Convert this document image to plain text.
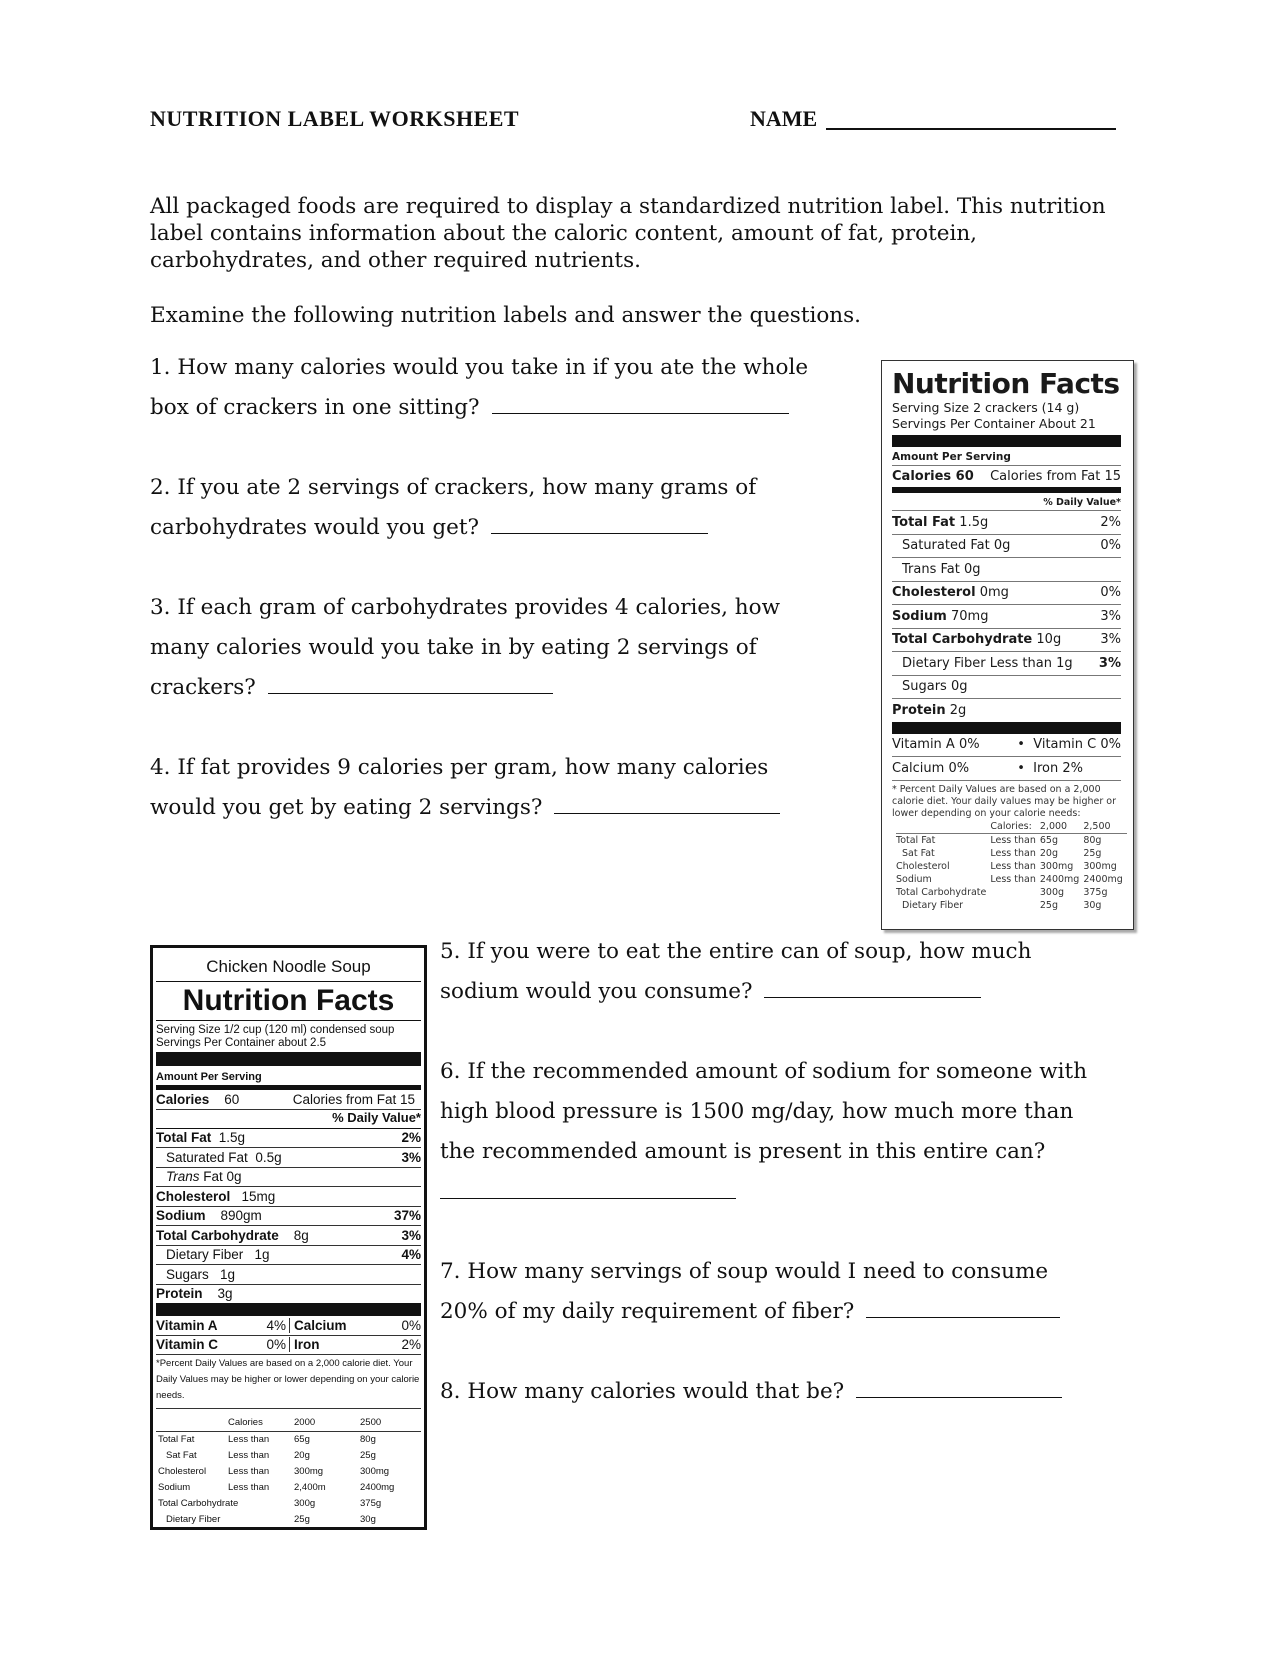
NUTRITION LABEL WORKSHEET	NAME
All packaged foods are required to display a standardized nutrition label. This nutrition label contains information about the caloric content, amount of fat, protein, carbohydrates, and other required nutrients.
Examine the following nutrition labels and answer the questions.
1. How many calories would you take in if you ate the whole
box of crackers in one sitting?
2. If you ate 2 servings of crackers, how many grams of
carbohydrates would you get?
3. If each gram of carbohydrates provides 4 calories, how
many calories would you take in by eating 2 servings of
crackers?
4. If fat provides 9 calories per gram, how many calories
would you get by eating 2 servings?
5. If you were to eat the entire can of soup, how much
sodium would you consume?
6. If the recommended amount of sodium for someone with
high blood pressure is 1500 mg/day, how much more than
the recommended amount is present in this entire can?
7. How many servings of soup would I need to consume
20% of my daily requirement of fiber?
8. How many calories would that be?
Nutrition Facts
Serving Size 2 crackers (14 g)
Servings Per Container About 21
Amount Per Serving
Calories 60 Calories from Fat 15
% Daily Value*
Total Fat 1.5g	2%
Saturated Fat 0g	0%
Trans Fat 0g
Cholesterol 0mg	0%
Sodium 70mg	3%
Total Carbohydrate 10g	3%
Dietary Fiber Less than 1g 3%
Sugars 0g
Protein 2g
Vitamin A 0%	• Vitamin C 0%
Calcium 0%	• Iron 2%
* Percent Daily Values are based on a 2,000 calorie diet. Your daily values may be higher or lower depending on your calorie needs:
	Calories:	2,000	2,500
Total Fat	Less than	65g	80g
Sat Fat	Less than	20g	25g
Cholesterol	Less than	300mg	300mg
Sodium	Less than	2400mg	2400mg
Total Carbohydrate		300g	375g
Dietary Fiber		25g	30g
Chicken Noodle Soup
Nutrition Facts
Serving Size 1/2 cup (120 ml) condensed soup
Servings Per Container about 2.5
Amount Per Serving
Calories 60	Calories from Fat 15
% Daily Value*
Total Fat 1.5g	2%
Saturated Fat 0.5g	3%
Trans Fat 0g
Cholesterol 15mg
Sodium 890gm	37%
Total Carbohydrate 8g	3%
Dietary Fiber 1g	4%
Sugars 1g
Protein 3g
Vitamin A	4% Calcium	0%
Vitamin C	0% Iron	2%
*Percent Daily Values are based on a 2,000 calorie diet. Your Daily Values may be higher or lower depending on your calorie needs.
	Calories	2000	2500
Total Fat	Less than	65g	80g
Sat Fat	Less than	20g	25g
Cholesterol	Less than	300mg	300mg
Sodium	Less than	2,400m	2400mg
Total Carbohydrate		300g	375g
Dietary Fiber		25g	30g
